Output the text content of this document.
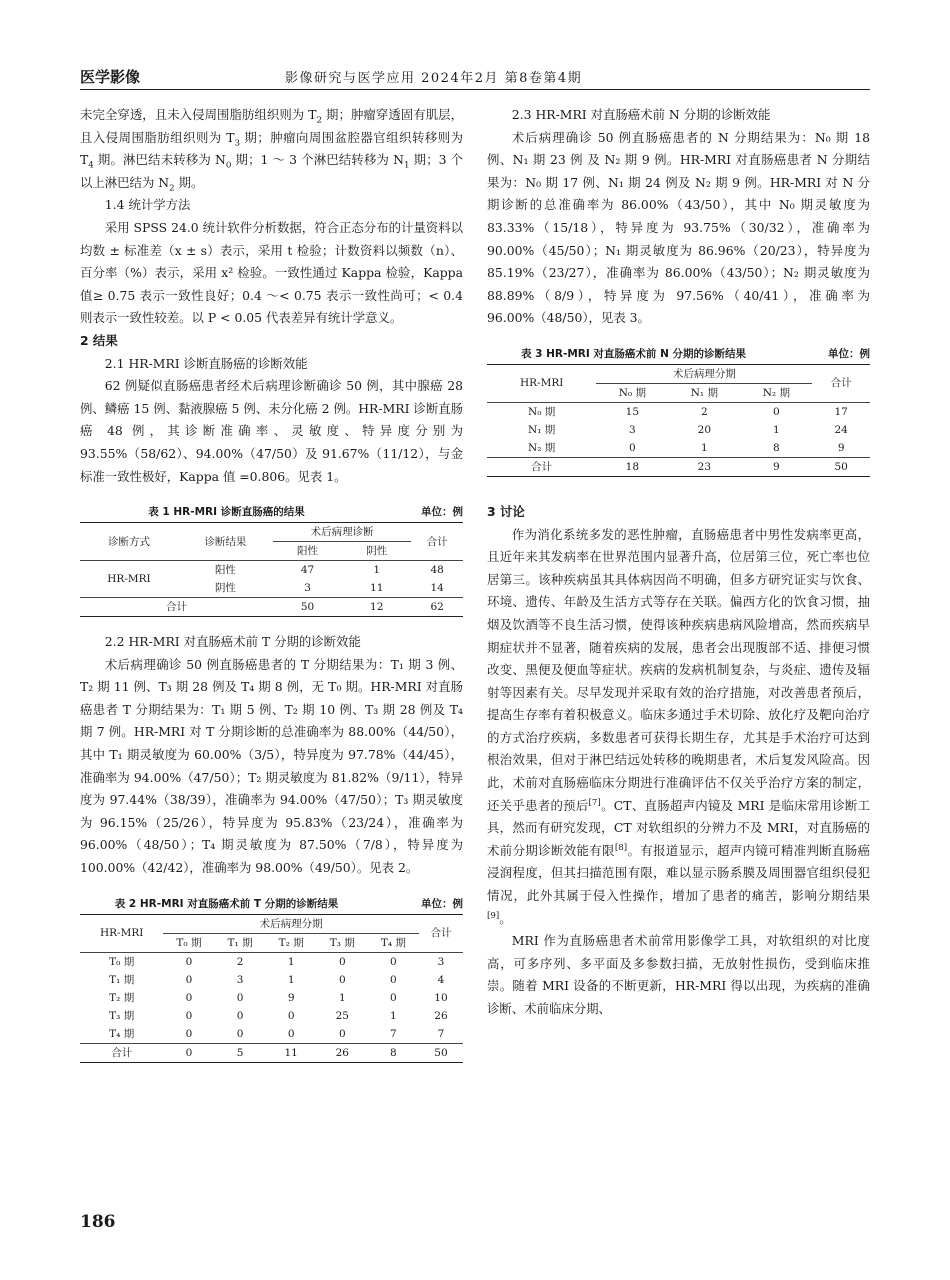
医学影像	影像研究与医学应用 2024年2月 第8卷第4期

未完全穿透，且未入侵周围脂肪组织则为 $T_2$ 期；肿瘤穿透固有肌层，且入侵周围脂肪组织则为 $T_3$ 期；肿瘤向周围盆腔器官组织转移则为 $T_4$ 期。淋巴结未转移为 $N_0$ 期；1 ～ 3 个淋巴结转移为 $N_1$ 期；3 个以上淋巴结为 $N_2$ 期。

1.4 统计学方法

采用 SPSS 24.0 统计软件分析数据，符合正态分布的计量资料以均数 ± 标准差（x ± s）表示，采用 t 检验；计数资料以频数（n）、百分率（%）表示，采用 x² 检验。一致性通过 Kappa 检验，Kappa 值≥ 0.75 表示一致性良好；0.4 ～< 0.75 表示一致性尚可；< 0.4 则表示一致性较差。以 P < 0.05 代表差异有统计学意义。

2 结果
2.1 HR-MRI 诊断直肠癌的诊断效能

62 例疑似直肠癌患者经术后病理诊断确诊 50 例，其中腺癌 28 例、鳞癌 15 例、黏液腺癌 5 例、未分化癌 2 例。HR-MRI 诊断直肠癌 48 例，其诊断准确率、灵敏度、特异度分别为 93.55%（58/62）、94.00%（47/50）及 91.67%（11/12），与金标准一致性极好，Kappa 值 =0.806。见表 1。

表 1 HR-MRI 诊断直肠癌的结果	单位：例
诊断方式	诊断结果	术后病理诊断		合计
		阳性	阴性	
HR-MRI	阳性	47	1	48
	阴性	3	11	14
合计		50	12	62
2.2 HR-MRI 对直肠癌术前 T 分期的诊断效能

术后病理确诊 50 例直肠癌患者的 T 分期结果为：T₁ 期 3 例、T₂ 期 11 例、T₃ 期 28 例及 T₄ 期 8 例，无 T₀ 期。HR-MRI 对直肠癌患者 T 分期结果为：T₁ 期 5 例、T₂ 期 10 例、T₃ 期 28 例及 T₄ 期 7 例。HR-MRI 对 T 分期诊断的总准确率为 88.00%（44/50），其中 T₁ 期灵敏度为 60.00%（3/5），特异度为 97.78%（44/45），准确率为 94.00%（47/50）；T₂ 期灵敏度为 81.82%（9/11），特异度为 97.44%（38/39），准确率为 94.00%（47/50）；T₃ 期灵敏度为 96.15%（25/26），特异度为 95.83%（23/24），准确率为 96.00%（48/50）；T₄ 期灵敏度为 87.50%（7/8），特异度为 100.00%（42/42），准确率为 98.00%（49/50）。见表 2。

表 2 HR-MRI 对直肠癌术前 T 分期的诊断结果	单位：例
HR-MRI	术后病理分期					合计
	T₀ 期	T₁ 期	T₂ 期	T₃ 期	T₄ 期	
T₀ 期	0	2	1	0	0	3
T₁ 期	0	3	1	0	0	4
T₂ 期	0	0	9	1	0	10
T₃ 期	0	0	0	25	1	26
T₄ 期	0	0	0	0	7	7
合计	0	5	11	26	8	50
2.3 HR-MRI 对直肠癌术前 N 分期的诊断效能

术后病理确诊 50 例直肠癌患者的 N 分期结果为：N₀ 期 18 例、N₁ 期 23 例 及 N₂ 期 9 例。HR-MRI 对直肠癌患者 N 分期结果为：N₀ 期 17 例、N₁ 期 24 例及 N₂ 期 9 例。HR-MRI 对 N 分期诊断的总准确率为 86.00%（43/50），其中 N₀ 期灵敏度为 83.33%（15/18），特异度为 93.75%（30/32），准确率为 90.00%（45/50）；N₁ 期灵敏度为 86.96%（20/23），特异度为 85.19%（23/27），准确率为 86.00%（43/50）；N₂ 期灵敏度为 88.89%（8/9），特异度为 97.56%（40/41），准确率为 96.00%（48/50），见表 3。

表 3 HR-MRI 对直肠癌术前 N 分期的诊断结果	单位：例
HR-MRI	术后病理分期			合计
	N₀ 期	N₁ 期	N₂ 期	
N₀ 期	15	2	0	17
N₁ 期	3	20	1	24
N₂ 期	0	1	8	9
合计	18	23	9	50
3 讨论

作为消化系统多发的恶性肿瘤，直肠癌患者中男性发病率更高，且近年来其发病率在世界范围内显著升高，位居第三位，死亡率也位居第三。该种疾病虽其具体病因尚不明确，但多方研究证实与饮食、环境、遗传、年龄及生活方式等存在关联。偏西方化的饮食习惯，抽烟及饮酒等不良生活习惯，使得该种疾病患病风险增高，然而疾病早期症状并不显著，随着疾病的发展，患者会出现腹部不适、排便习惯改变、黑便及便血等症状。疾病的发病机制复杂，与炎症、遗传及辐射等因素有关。尽早发现并采取有效的治疗措施，对改善患者预后，提高生存率有着积极意义。临床多通过手术切除、放化疗及靶向治疗的方式治疗疾病，多数患者可获得长期生存，尤其是手术治疗可达到根治效果，但对于淋巴结远处转移的晚期患者，术后复发风险高。因此，术前对直肠癌临床分期进行准确评估不仅关乎治疗方案的制定，还关乎患者的预后[7]。CT、直肠超声内镜及 MRI 是临床常用诊断工具，然而有研究发现，CT 对软组织的分辨力不及 MRI，对直肠癌的术前分期诊断效能有限[8]。有报道显示，超声内镜可精准判断直肠癌浸润程度，但其扫描范围有限，难以显示肠系膜及周围器官组织侵犯情况，此外其属于侵入性操作，增加了患者的痛苦，影响分期结果[9]。

MRI 作为直肠癌患者术前常用影像学工具，对软组织的对比度高，可多序列、多平面及多参数扫描，无放射性损伤，受到临床推崇。随着 MRI 设备的不断更新，HR-MRI 得以出现，为疾病的准确诊断、术前临床分期、

186
